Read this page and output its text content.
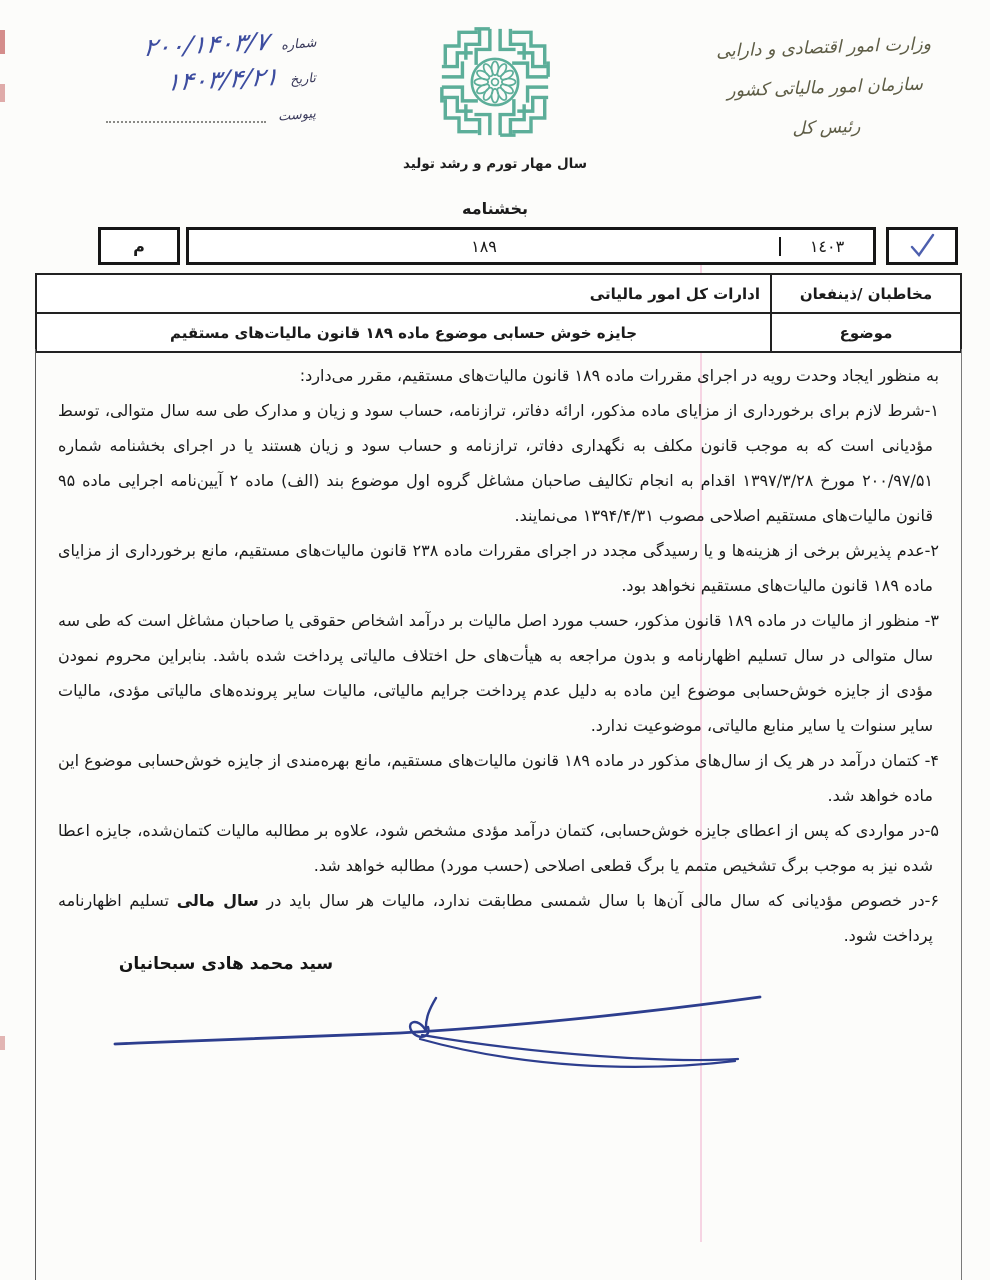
شماره
۲۰۰/۱۴۰۳/۷
تاریخ
۱۴۰۳/۴/۲۱
پیوست
وزارت امور اقتصادی و دارایی
سازمان امور مالیاتی کشور
رئیس کل
سال مهار تورم و رشد تولید
بخشنامه
م	۱۸۹	١٤٠٣
مخاطبان /ذینفعان
ادارات کل امور مالیاتی
موضوع
جایزه خوش حسابی موضوع ماده ۱۸۹ قانون مالیات‌های مستقیم

به منظور ایجاد وحدت رویه در اجرای مقررات ماده ۱۸۹ قانون مالیات‌های مستقیم، مقرر می‌دارد:

۱-شرط لازم برای برخورداری از مزایای ماده مذکور، ارائه دفاتر، ترازنامه، حساب سود و زیان و مدارک طی سه سال متوالی، توسط مؤدیانی است که به موجب قانون مکلف به نگهداری دفاتر، ترازنامه و حساب سود و زیان هستند یا در اجرای بخشنامه شماره ۲۰۰/۹۷/۵۱ مورخ ۱۳۹۷/۳/۲۸ اقدام به انجام تکالیف صاحبان مشاغل گروه اول موضوع بند (الف) ماده ۲ آیین‌نامه اجرایی ماده ۹۵ قانون مالیات‌های مستقیم اصلاحی مصوب ۱۳۹۴/۴/۳۱ می‌نمایند.

۲-عدم پذیرش برخی از هزینه‌ها و یا رسیدگی مجدد در اجرای مقررات ماده ۲۳۸ قانون مالیات‌های مستقیم، مانع برخورداری از مزایای ماده ۱۸۹ قانون مالیات‌های مستقیم نخواهد بود.

۳- منظور از مالیات در ماده ۱۸۹ قانون مذکور، حسب مورد اصل مالیات بر درآمد اشخاص حقوقی یا صاحبان مشاغل است که طی سه سال متوالی در سال تسلیم اظهارنامه و بدون مراجعه به هیأت‌های حل اختلاف مالیاتی پرداخت شده باشد. بنابراین محروم نمودن مؤدی از جایزه خوش‌حسابی موضوع این ماده به دلیل عدم پرداخت جرایم مالیاتی، مالیات سایر پرونده‌های مالیاتی مؤدی، مالیات سایر سنوات یا سایر منابع مالیاتی، موضوعیت ندارد.

۴- کتمان درآمد در هر یک از سال‌های مذکور در ماده ۱۸۹ قانون مالیات‌های مستقیم، مانع بهره‌مندی از جایزه خوش‌حسابی موضوع این ماده خواهد شد.

۵-در مواردی که پس از اعطای جایزه خوش‌حسابی، کتمان درآمد مؤدی مشخص شود، علاوه بر مطالبه مالیات کتمان‌شده، جایزه اعطا شده نیز به موجب برگ تشخیص متمم یا برگ قطعی اصلاحی (حسب مورد) مطالبه خواهد شد.

۶-در خصوص مؤدیانی که سال مالی آن‌ها با سال شمسی مطابقت ندارد، مالیات هر سال باید در سال مالی تسلیم اظهارنامه پرداخت شود.

سید محمد هادی سبحانیان
